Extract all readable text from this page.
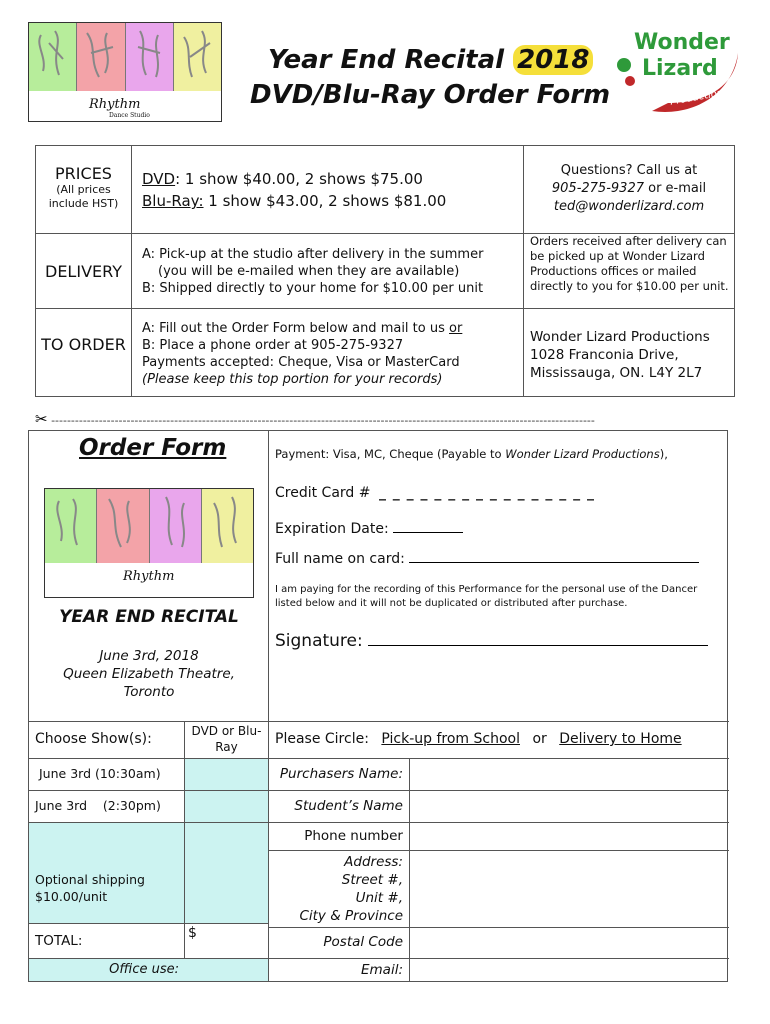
Rhythm
Dance Studio
Year End Recital 2018
DVD/Blu-Ray Order Form
Wonder
Lizard
Productions
PRICES
(All prices include HST)
DVD: 1 show $40.00, 2 shows $75.00
Blu-Ray: 1 show $43.00, 2 shows $81.00
Questions? Call us at
905-275-9327 or e-mail
ted@wonderlizard.com
DELIVERY
A: Pick-up at the studio after delivery in the summer
(you will be e-mailed when they are available)
B: Shipped directly to your home for $10.00 per unit
Orders received after delivery can be picked up at Wonder Lizard Productions offices or mailed directly to you for $10.00 per unit.
TO ORDER
A: Fill out the Order Form below and mail to us or
B: Place a phone order at 905-275-9327
Payments accepted: Cheque, Visa or MasterCard
(Please keep this top portion for your records)
Wonder Lizard Productions
1028 Franconia Drive,
Mississauga, ON. L4Y 2L7
✂ -----------------------------------------------------------------------------------------------------------------------------------------
Order Form
Rhythm
YEAR END RECITAL
June 3rd, 2018
Queen Elizabeth Theatre,
Toronto
Payment: Visa, MC, Cheque (Payable to Wonder Lizard Productions),
Credit Card # _ _ _ _ _ _ _ _ _ _ _ _ _ _ _ _
Expiration Date:
Full name on card:
I am paying for the recording of this Performance for the personal use of the Dancer listed below and it will not be duplicated or distributed after purchase.
Signature:
Choose Show(s):	DVD or Blu- Ray
June 3rd (10:30am)
June 3rd    (2:30pm)
Optional shipping $10.00/unit
TOTAL:	$
Office use:
Please Circle: Pick-up from School or Delivery to Home
Purchasers Name:
Student’s Name
Phone number
Address:
Street #,
Unit #,
City & Province
Postal Code
Email:
